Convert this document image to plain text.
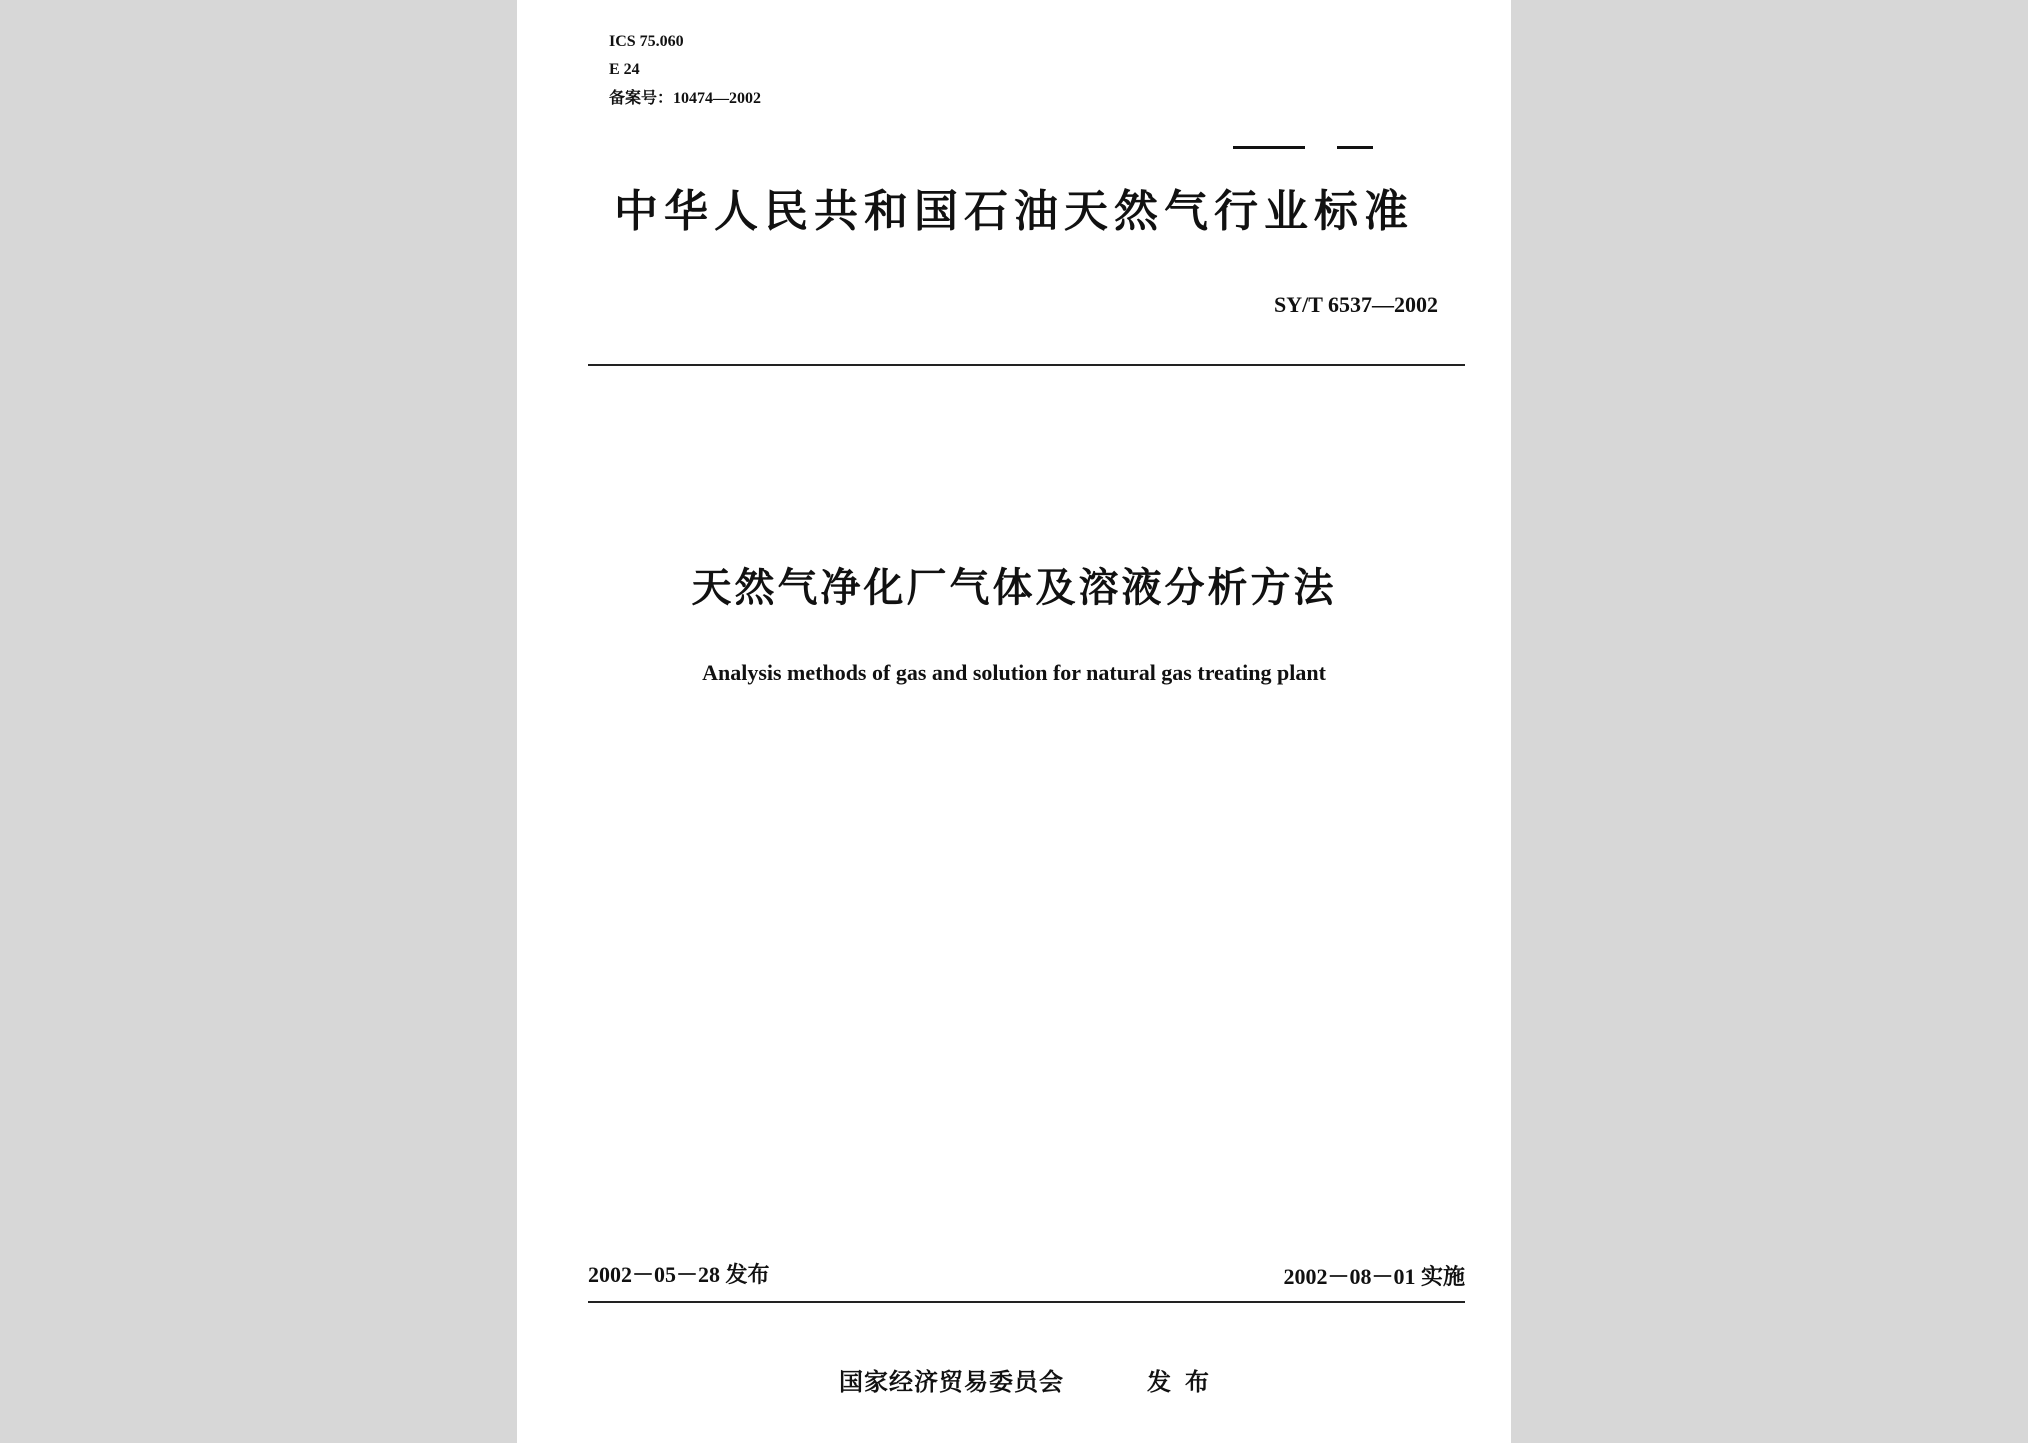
ICS 75.060
E 24
备案号：10474—2002
中华人民共和国石油天然气行业标准
SY/T 6537—2002
天然气净化厂气体及溶液分析方法
Analysis methods of gas and solution for natural gas treating plant
2002－05－28 发布	2002－08－01 实施
国家经济贸易委员会	发布
